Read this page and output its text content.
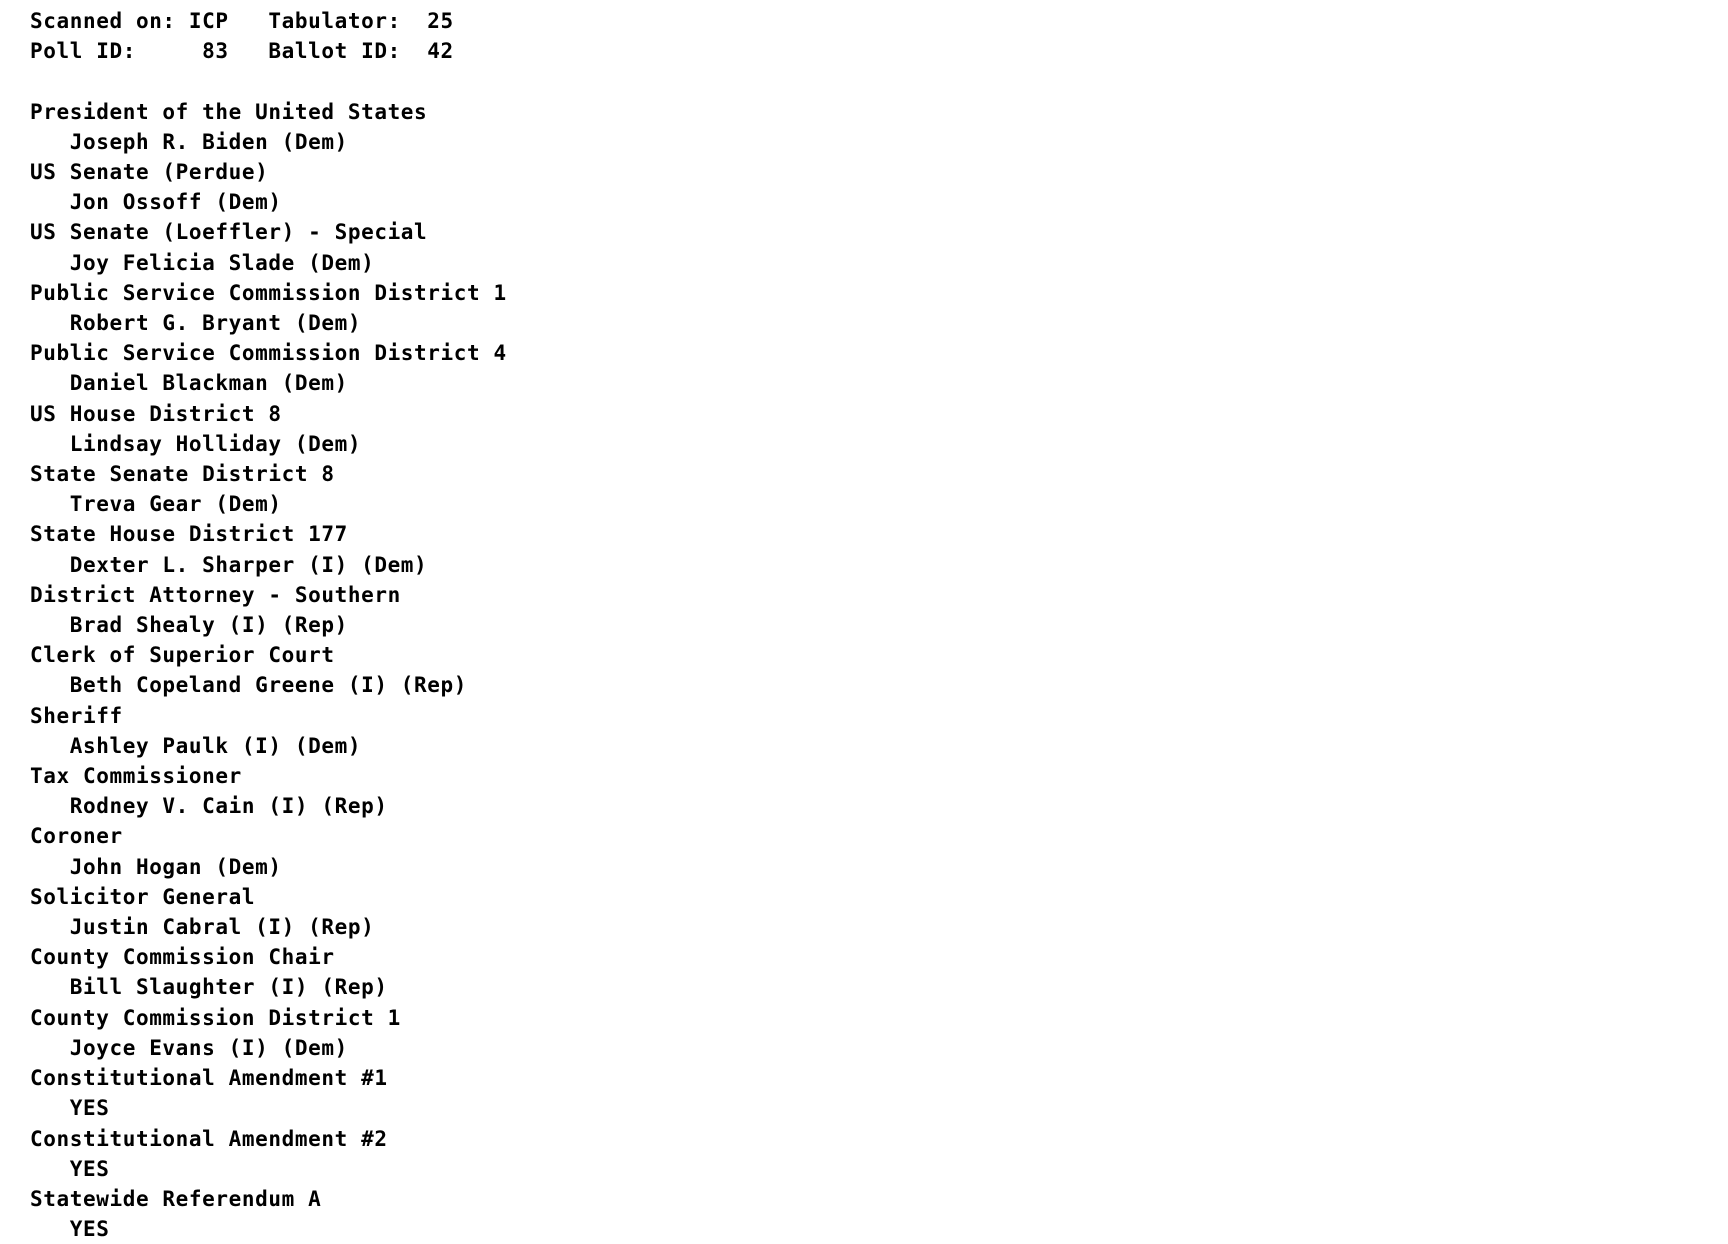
Scanned on: ICP   Tabulator:  25
Poll ID:     83   Ballot ID:  42
President of the United States
Joseph R. Biden (Dem)
US Senate (Perdue)
Jon Ossoff (Dem)
US Senate (Loeffler) - Special
Joy Felicia Slade (Dem)
Public Service Commission District 1
Robert G. Bryant (Dem)
Public Service Commission District 4
Daniel Blackman (Dem)
US House District 8
Lindsay Holliday (Dem)
State Senate District 8
Treva Gear (Dem)
State House District 177
Dexter L. Sharper (I) (Dem)
District Attorney - Southern
Brad Shealy (I) (Rep)
Clerk of Superior Court
Beth Copeland Greene (I) (Rep)
Sheriff
Ashley Paulk (I) (Dem)
Tax Commissioner
Rodney V. Cain (I) (Rep)
Coroner
John Hogan (Dem)
Solicitor General
Justin Cabral (I) (Rep)
County Commission Chair
Bill Slaughter (I) (Rep)
County Commission District 1
Joyce Evans (I) (Dem)
Constitutional Amendment #1
YES
Constitutional Amendment #2
YES
Statewide Referendum A
YES
